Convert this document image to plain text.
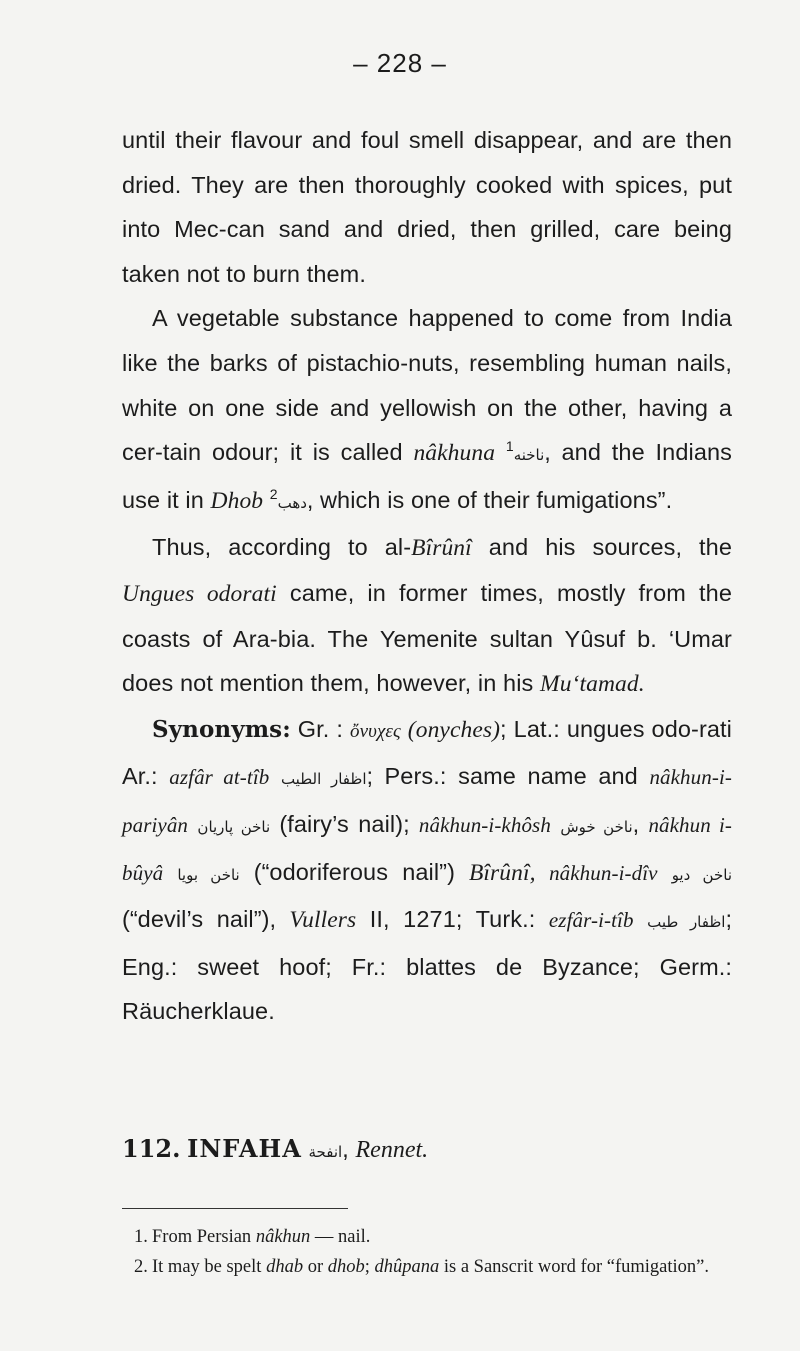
– 228 –

until their flavour and foul smell disappear, and are then dried. They are then thoroughly cooked with spices, put into Mec-can sand and dried, then grilled, care being taken not to burn them.

A vegetable substance happened to come from India like the barks of pistachio-nuts, resembling human nails, white on one side and yellowish on the other, having a cer-tain odour; it is called nâkhuna ناخنه$^1$ , and the Indians use it in Dhob دهب$^2$ , which is one of their fumigations”.

Thus, according to al-Bîrûnî and his sources, the Ungues odorati came, in former times, mostly from the coasts of Ara-bia. The Yemenite sultan Yûsuf b. ‘Umar does not mention them, however, in his Mu‘tamad.

Synonyms: Gr. : ὄνυχες (onyches); Lat.: ungues odo-rati Ar.: azfâr at-tîb اظفار الطيب; Pers.: same name and nâkhun-i-pariyân ناخن پاریان (fairy’s nail); nâkhun-i-khôsh ناخن خوش, nâkhun i-bûyâ ناخن بویا (“odoriferous nail”) Bîrûnî, nâkhun-i-dîv ناخن دیو (“devil’s nail”), Vullers II, 1271; Turk.: ezfâr-i-tîb اظفار طيب; Eng.: sweet hoof; Fr.: blattes de Byzance; Germ.: Räucherklaue.

112. INFAHA انفحة, Rennet.

1. From Persian nâkhun — nail.

2. It may be spelt dhab or dhob; dhûpana is a Sanscrit word for “fumigation”.
